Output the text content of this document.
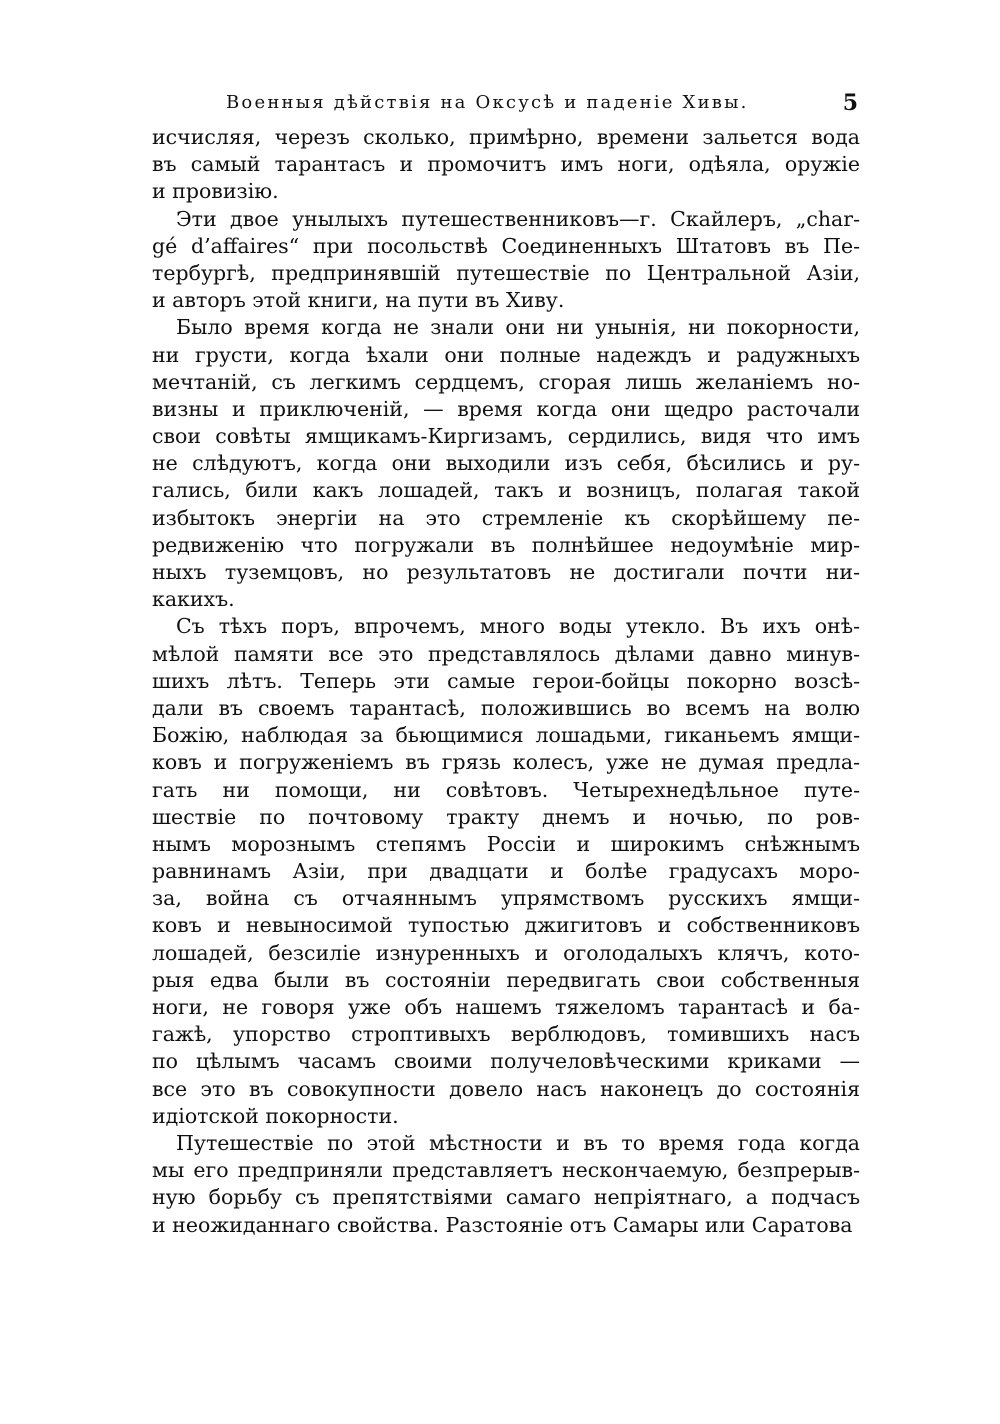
Военныя дѣйствія на Оксусѣ и паденіе Хивы.	5

исчисляя, черезъ сколько, примѣрно, времени зальется вода
въ самый тарантасъ и промочитъ имъ ноги, одѣяла, оружіе
и провизію.

Эти двое унылыхъ путешественниковъ—г. Скайлеръ, „char-
gé d’affaires“ при посольствѣ Соединенныхъ Штатовъ въ Пе-
тербургѣ, предпринявшій путешествіе по Центральной Азіи,
и авторъ этой книги, на пути въ Хиву.

Было время когда не знали они ни унынія, ни покорности,
ни грусти, когда ѣхали они полные надеждъ и радужныхъ
мечтаній, съ легкимъ сердцемъ, сгорая лишь желаніемъ но-
визны и приключеній, — время когда они щедро расточали
свои совѣты ямщикамъ-Киргизамъ, сердились, видя что имъ
не слѣдуютъ, когда они выходили изъ себя, бѣсились и ру-
гались, били какъ лошадей, такъ и возницъ, полагая такой
избытокъ энергіи на это стремленіе къ скорѣйшему пе-
редвиженію что погружали въ полнѣйшее недоумѣніе мир-
ныхъ туземцовъ, но результатовъ не достигали почти ни-
какихъ.

Съ тѣхъ поръ, впрочемъ, много воды утекло. Въ ихъ онѣ-
мѣлой памяти все это представлялось дѣлами давно минув-
шихъ лѣтъ. Теперь эти самые герои-бойцы покорно возсѣ-
дали въ своемъ тарантасѣ, положившись во всемъ на волю
Божію, наблюдая за бьющимися лошадьми, гиканьемъ ямщи-
ковъ и погруженіемъ въ грязь колесъ, уже не думая предла-
гать ни помощи, ни совѣтовъ. Четырехнедѣльное путе-
шествіе по почтовому тракту днемъ и ночью, по ров-
нымъ морознымъ степямъ Россіи и широкимъ снѣжнымъ
равнинамъ Азіи, при двадцати и болѣе градусахъ моро-
за, война съ отчаяннымъ упрямствомъ русскихъ ямщи-
ковъ и невыносимой тупостью джигитовъ и собственниковъ
лошадей, безсиліе изнуренныхъ и оголодалыхъ клячъ, кото-
рыя едва были въ состояніи передвигать свои собственныя
ноги, не говоря уже объ нашемъ тяжеломъ тарантасѣ и ба-
гажѣ, упорство строптивыхъ верблюдовъ, томившихъ насъ
по цѣлымъ часамъ своими получеловѣческими криками —
все это въ совокупности довело насъ наконецъ до состоянія
идіотской покорности.

Путешествіе по этой мѣстности и въ то время года когда
мы его предприняли представляетъ нескончаемую, безпрерыв-
ную борьбу съ препятствіями самаго непріятнаго, а подчасъ
и неожиданнаго свойства. Разстояніе отъ Самары или Саратова
